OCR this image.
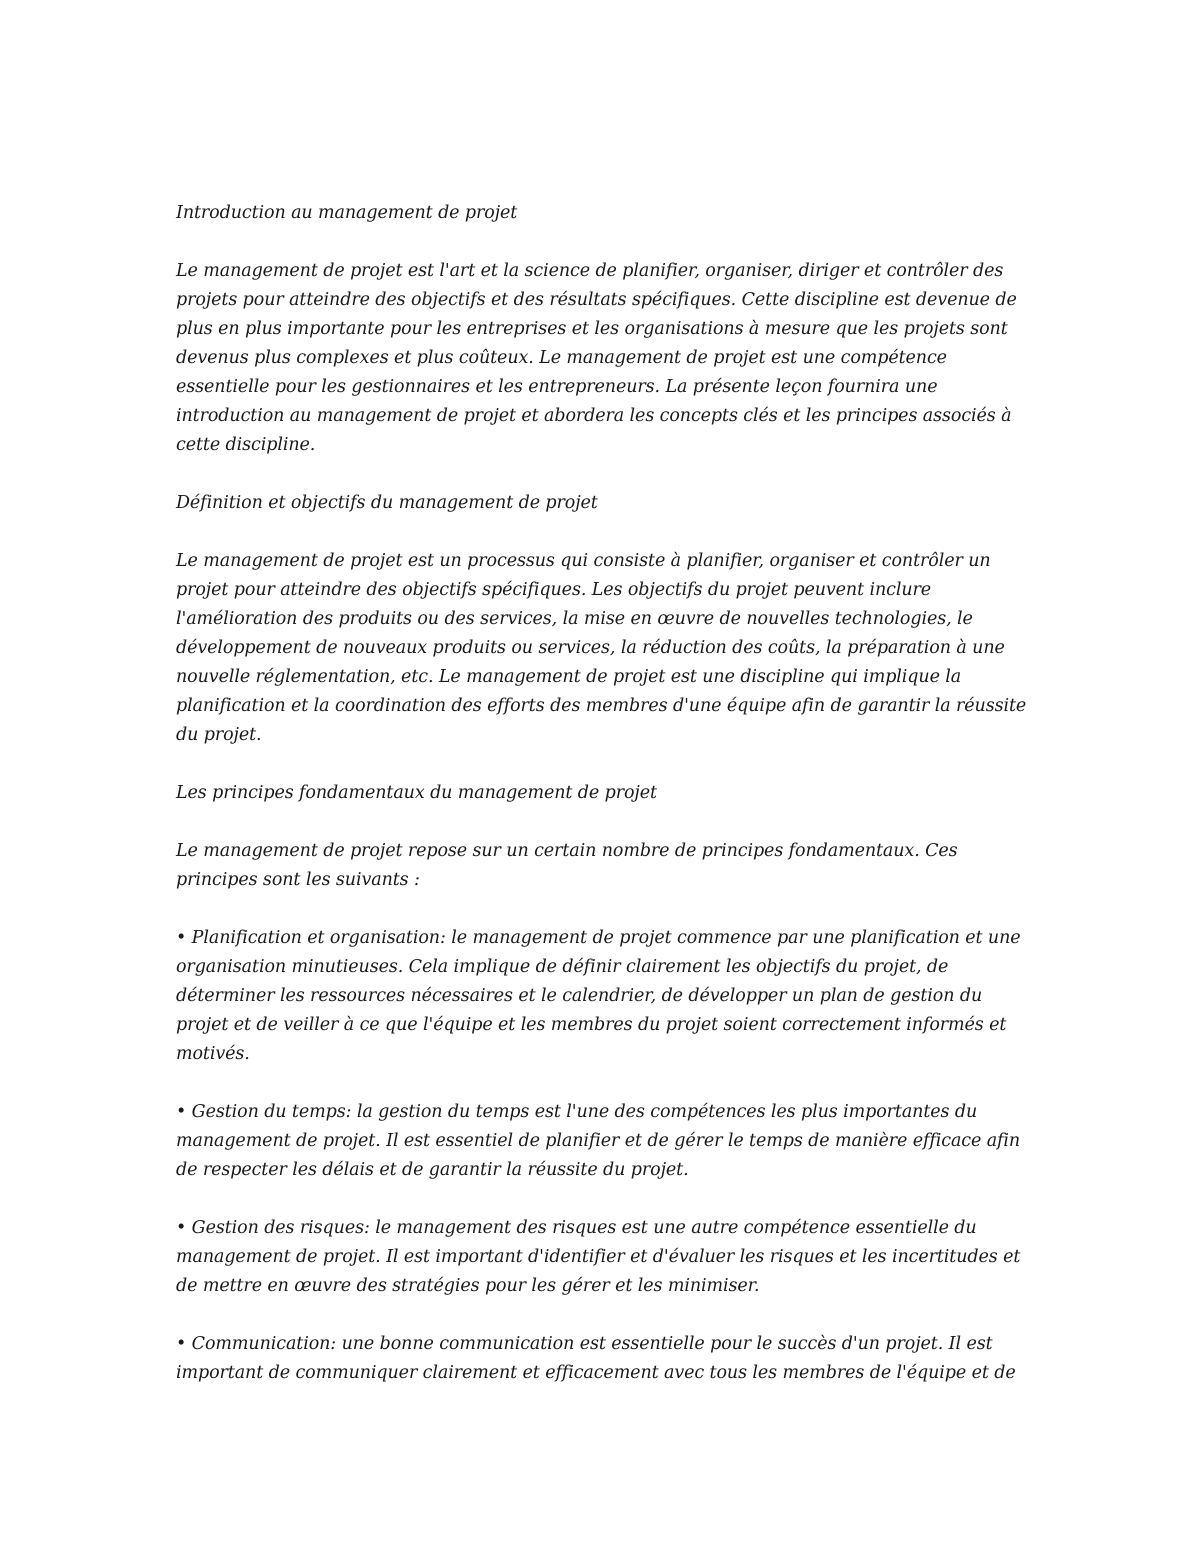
Introduction au management de projet

Le management de projet est l'art et la science de planifier, organiser, diriger et contrôler des projets pour atteindre des objectifs et des résultats spécifiques. Cette discipline est devenue de plus en plus importante pour les entreprises et les organisations à mesure que les projets sont devenus plus complexes et plus coûteux. Le management de projet est une compétence essentielle pour les gestionnaires et les entrepreneurs. La présente leçon fournira une introduction au management de projet et abordera les concepts clés et les principes associés à cette discipline.

Définition et objectifs du management de projet

Le management de projet est un processus qui consiste à planifier, organiser et contrôler un projet pour atteindre des objectifs spécifiques. Les objectifs du projet peuvent inclure l'amélioration des produits ou des services, la mise en œuvre de nouvelles technologies, le développement de nouveaux produits ou services, la réduction des coûts, la préparation à une nouvelle réglementation, etc. Le management de projet est une discipline qui implique la planification et la coordination des efforts des membres d'une équipe afin de garantir la réussite du projet.

Les principes fondamentaux du management de projet

Le management de projet repose sur un certain nombre de principes fondamentaux. Ces principes sont les suivants :

• Planification et organisation: le management de projet commence par une planification et une organisation minutieuses. Cela implique de définir clairement les objectifs du projet, de déterminer les ressources nécessaires et le calendrier, de développer un plan de gestion du projet et de veiller à ce que l'équipe et les membres du projet soient correctement informés et motivés.

• Gestion du temps: la gestion du temps est l'une des compétences les plus importantes du management de projet. Il est essentiel de planifier et de gérer le temps de manière efficace afin de respecter les délais et de garantir la réussite du projet.

• Gestion des risques: le management des risques est une autre compétence essentielle du management de projet. Il est important d'identifier et d'évaluer les risques et les incertitudes et de mettre en œuvre des stratégies pour les gérer et les minimiser.

• Communication: une bonne communication est essentielle pour le succès d'un projet. Il est important de communiquer clairement et efficacement avec tous les membres de l'équipe et de
